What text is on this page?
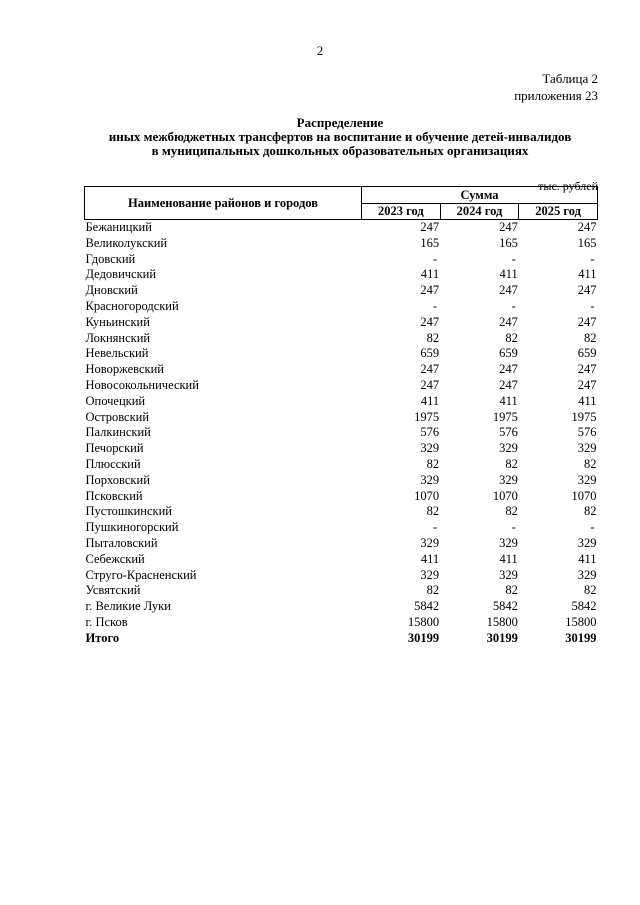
2
Таблица 2
приложения 23
Распределение
иных межбюджетных трансфертов на воспитание и обучение детей-инвалидов
в муниципальных дошкольных образовательных организациях
тыс. рублей
Наименование районов и городов	Сумма		
	2023 год	2024 год	2025 год
Бежаницкий	247	247	247
Великолукский	165	165	165
Гдовский	-	-	-
Дедовичский	411	411	411
Дновский	247	247	247
Красногородский	-	-	-
Куньинский	247	247	247
Локнянский	82	82	82
Невельский	659	659	659
Новоржевский	247	247	247
Новосокольнический	247	247	247
Опочецкий	411	411	411
Островский	1975	1975	1975
Палкинский	576	576	576
Печорский	329	329	329
Плюсский	82	82	82
Порховский	329	329	329
Псковский	1070	1070	1070
Пустошкинский	82	82	82
Пушкиногорский	-	-	-
Пыталовский	329	329	329
Себежский	411	411	411
Струго-Красненский	329	329	329
Усвятский	82	82	82
г. Великие Луки	5842	5842	5842
г. Псков	15800	15800	15800
Итого	30199	30199	30199
